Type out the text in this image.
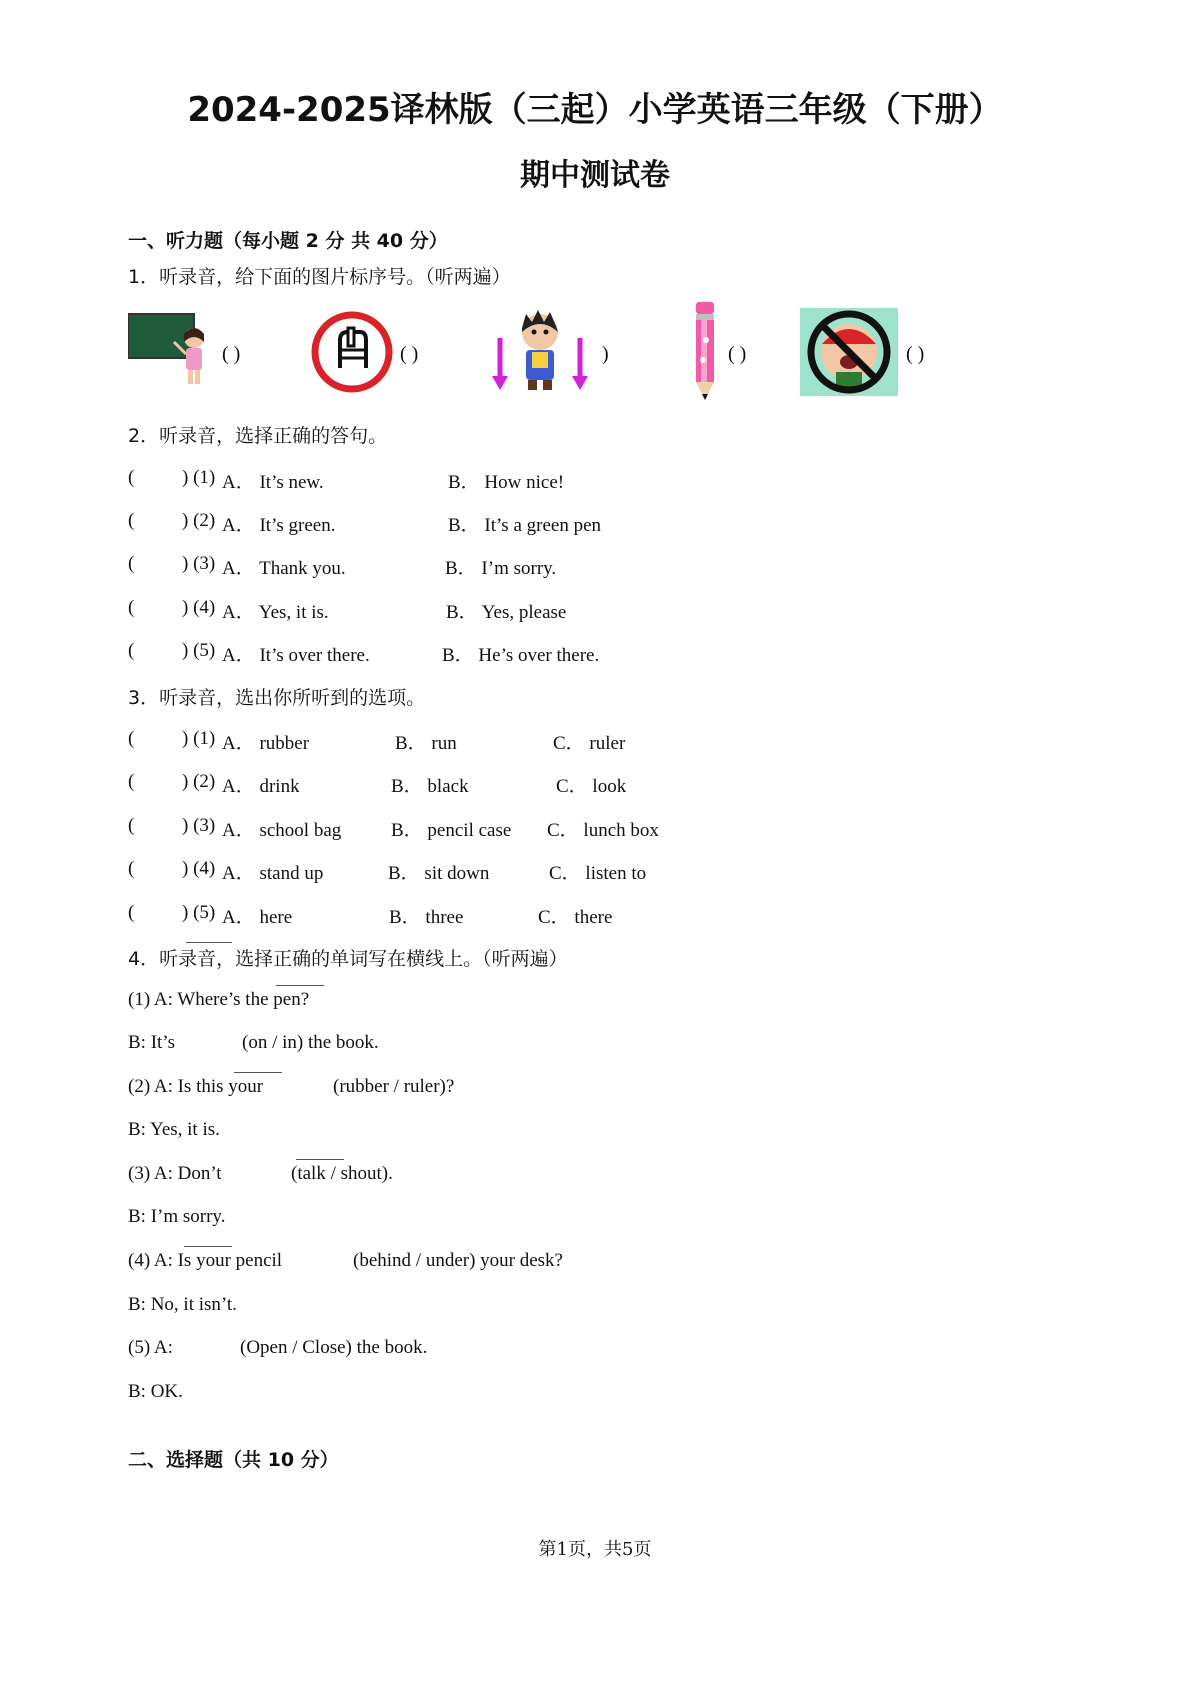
2024-2025译林版（三起）小学英语三年级（下册）
期中测试卷
一、听力题（每小题 2 分 共 40 分）
1．听录音，给下面的图片标序号。（听两遍）
( )	( )	)	( )	( )
2．听录音，选择正确的答句。
(	) (1) A． It’s new.	B． How nice!
(	) (2) A． It’s green.	B． It’s a green pen
(	) (3) A． Thank you.	B． I’m sorry.
(	) (4) A． Yes, it is.	B． Yes, please
(	) (5) A． It’s over there.	B． He’s over there.
3．听录音，选出你所听到的选项。
(	) (1) A． rubber	B． run	C． ruler
(	) (2) A． drink	B． black	C． look
(	) (3) A． school bag	B． pencil case C． lunch box
(	) (4) A． stand up	B． sit down	C． listen to
(	) (5) A． here	B． three	C． there
4．听录音，选择正确的单词写在横线上。（听两遍）
(1) A: Where’s the pen?
B: It’s	(on / in) the book.
(2) A: Is this your	(rubber / ruler)?
B: Yes, it is.
(3) A: Don’t	(talk / shout).
B: I’m sorry.
(4) A: Is your pencil	(behind / under) your desk?
B: No, it isn’t.
(5) A:	(Open / Close) the book.
B: OK.
二、选择题（共 10 分）
第1页，共5页
